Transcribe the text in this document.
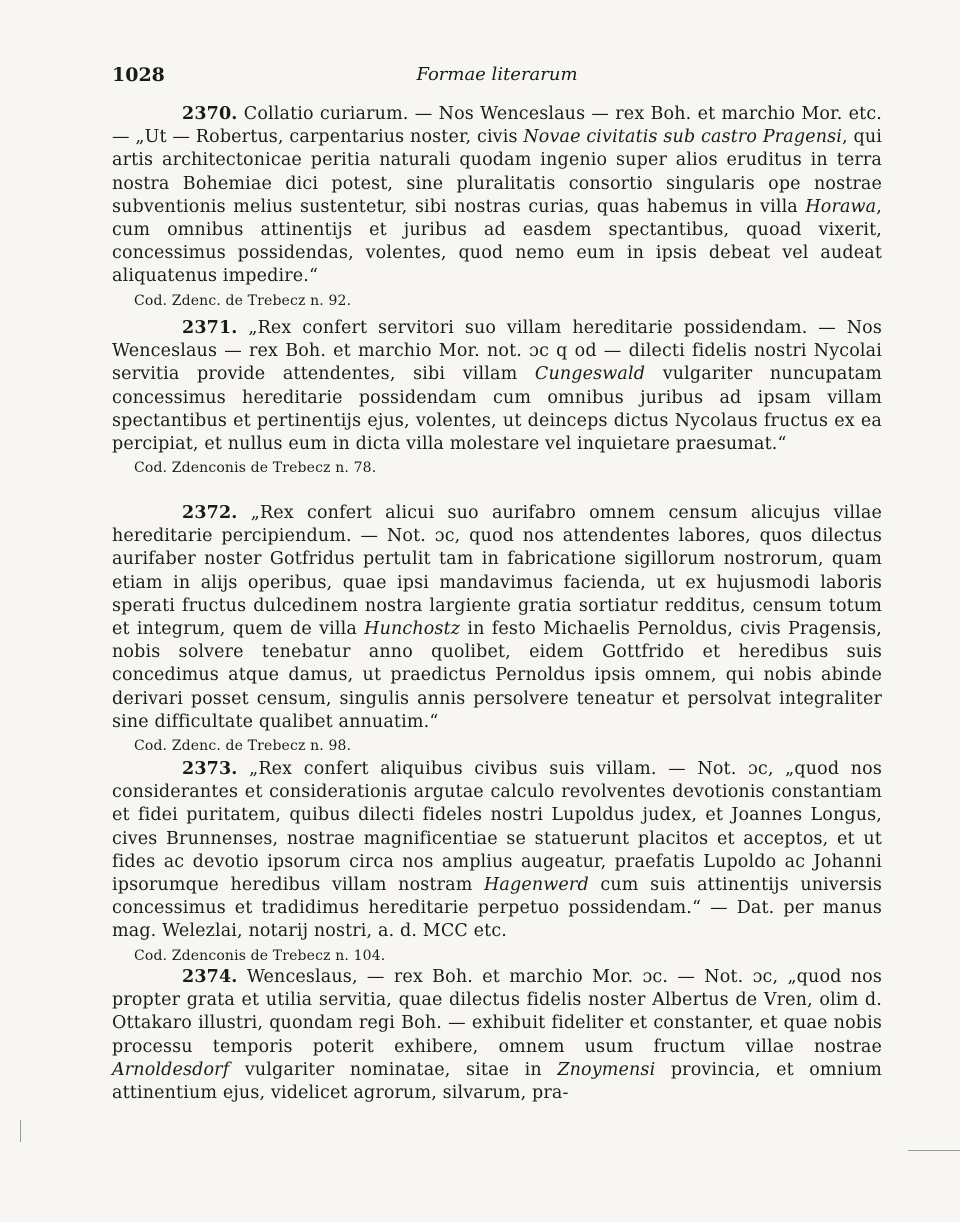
1028	Formae literarum

2370. Collatio curiarum. — Nos Wenceslaus — rex Boh. et marchio Mor. etc. — „Ut — Robertus, carpentarius noster, civis Novae civitatis sub castro Pragensi, qui artis architectonicae peritia naturali quodam ingenio super alios eruditus in terra nostra Bohemiae dici potest, sine pluralitatis consortio singularis ope nostrae subventionis melius sustentetur, sibi nostras curias, quas habemus in villa Horawa, cum omnibus attinentijs et juribus ad easdem spectantibus, quoad vixerit, concessimus possidendas, volentes, quod nemo eum in ipsis debeat vel audeat aliquatenus impedire.“

Cod. Zdenc. de Trebecz n. 92.

2371. „Rex confert servitori suo villam hereditarie possidendam. — Nos Wenceslaus — rex Boh. et marchio Mor. not. ɔc q od — dilecti fidelis nostri Nycolai servitia provide attendentes, sibi villam Cungeswald vulgariter nuncupatam concessimus hereditarie possidendam cum omnibus juribus ad ipsam villam spectantibus et pertinentijs ejus, volentes, ut deinceps dictus Nycolaus fructus ex ea percipiat, et nullus eum in dicta villa molestare vel inquietare praesumat.“

Cod. Zdenconis de Trebecz n. 78.

2372. „Rex confert alicui suo aurifabro omnem censum alicujus villae hereditarie percipiendum. — Not. ɔc, quod nos attendentes labores, quos dilectus aurifaber noster Gotfridus pertulit tam in fabricatione sigillorum nostrorum, quam etiam in alijs operibus, quae ipsi mandavimus facienda, ut ex hujusmodi laboris sperati fructus dulcedinem nostra largiente gratia sortiatur redditus, censum totum et integrum, quem de villa Hunchostz in festo Michaelis Pernoldus, civis Pragensis, nobis solvere tenebatur anno quolibet, eidem Gottfrido et heredibus suis concedimus atque damus, ut praedictus Pernoldus ipsis omnem, qui nobis abinde derivari posset censum, singulis annis persolvere teneatur et persolvat integraliter sine difficultate qualibet annuatim.“

Cod. Zdenc. de Trebecz n. 98.

2373. „Rex confert aliquibus civibus suis villam. — Not. ɔc, „quod nos considerantes et considerationis argutae calculo revolventes devotionis constantiam et fidei puritatem, quibus dilecti fideles nostri Lupoldus judex, et Joannes Longus, cives Brunnenses, nostrae magnificentiae se statuerunt placitos et acceptos, et ut fides ac devotio ipsorum circa nos amplius augeatur, praefatis Lupoldo ac Johanni ipsorumque heredibus villam nostram Hagenwerd cum suis attinentijs universis concessimus et tradidimus hereditarie perpetuo possidendam.“ — Dat. per manus mag. Welezlai, notarij nostri, a. d. MCC etc.

Cod. Zdenconis de Trebecz n. 104.

2374. Wenceslaus, — rex Boh. et marchio Mor. ɔc. — Not. ɔc, „quod nos propter grata et utilia servitia, quae dilectus fidelis noster Albertus de Vren, olim d. Ottakaro illustri, quondam regi Boh. — exhibuit fideliter et constanter, et quae nobis processu temporis poterit exhibere, omnem usum fructum villae nostrae Arnoldesdorf vulgariter nominatae, sitae in Znoymensi provincia, et omnium attinentium ejus, videlicet agrorum, silvarum, pra-
